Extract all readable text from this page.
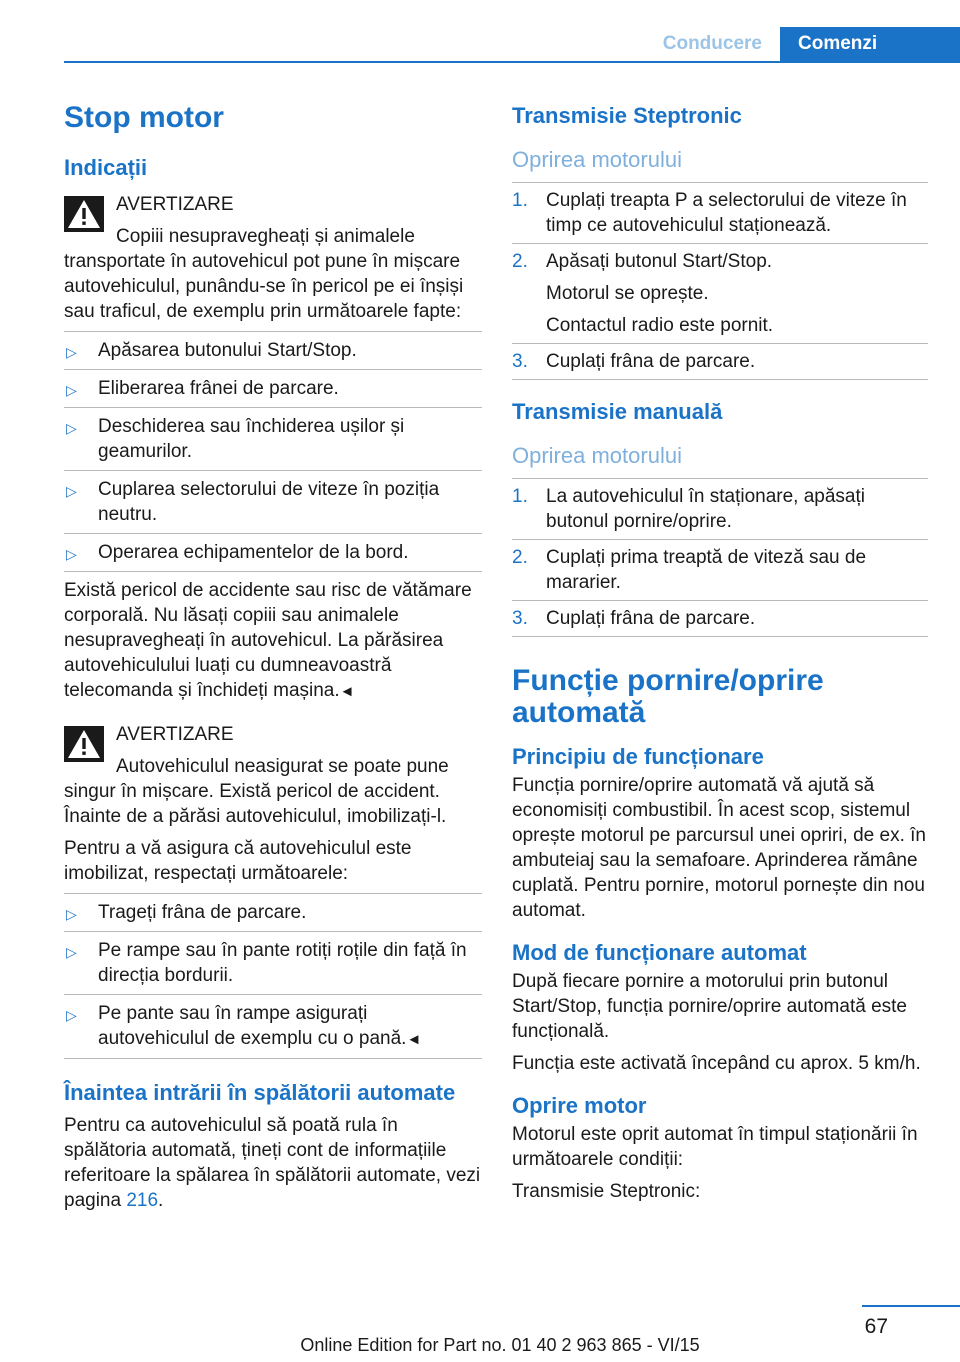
Conducere	Comenzi
Stop motor
Indicații
AVERTIZARE

Copiii nesupravegheați și animalele transportate în autovehicul pot pune în mișcare autovehiculul, punându-se în pericol pe ei înșiși sau traficul, de exemplu prin următoarele fapte:

▷ Apăsarea butonului Start/Stop.
▷ Eliberarea frânei de parcare.
▷ Deschiderea sau închiderea ușilor și geamurilor.
▷ Cuplarea selectorului de viteze în poziția neutru.
▷ Operarea echipamentelor de la bord.

Există pericol de accidente sau risc de vătămare corporală. Nu lăsați copiii sau animalele nesupravegheați în autovehicul. La părăsirea autovehiculului luați cu dumneavoastră telecomanda și închideți mașina.◄

AVERTIZARE

Autovehiculul neasigurat se poate pune singur în mișcare. Există pericol de accident. Înainte de a părăsi autovehiculul, imobilizați-l.

Pentru a vă asigura că autovehiculul este imobilizat, respectați următoarele:

▷ Trageți frâna de parcare.
▷ Pe rampe sau în pante rotiți roțile din față în direcția bordurii.
▷ Pe pante sau în rampe asigurați autovehiculul de exemplu cu o pană.◄
Înaintea intrării în spălătorii automate

Pentru ca autovehiculul să poată rula în spălătoria automată, țineți cont de informațiile referitoare la spălarea în spălătorii automate, vezi pagina 216.

Transmisie Steptronic
Oprirea motorului
1. Cuplați treapta P a selectorului de viteze în timp ce autovehiculul staționează.
2. Apăsați butonul Start/Stop.
Motorul se oprește.
Contactul radio este pornit.
3. Cuplați frâna de parcare.
Transmisie manuală
Oprirea motorului
1. La autovehiculul în staționare, apăsați butonul pornire/oprire.
2. Cuplați prima treaptă de viteză sau de mararier.
3. Cuplați frâna de parcare.
Funcție pornire/oprire automată
Principiu de funcționare

Funcția pornire/oprire automată vă ajută să economisiți combustibil. În acest scop, sistemul oprește motorul pe parcursul unei opriri, de ex. în ambuteiaj sau la semafoare. Aprinderea rămâne cuplată. Pentru pornire, motorul pornește din nou automat.

Mod de funcționare automat

După fiecare pornire a motorului prin butonul Start/Stop, funcția pornire/oprire automată este funcțională.

Funcția este activată începând cu aprox. 5 km/h.

Oprire motor

Motorul este oprit automat în timpul staționării în următoarele condiții:

Transmisie Steptronic:

67
Online Edition for Part no. 01 40 2 963 865 - VI/15
